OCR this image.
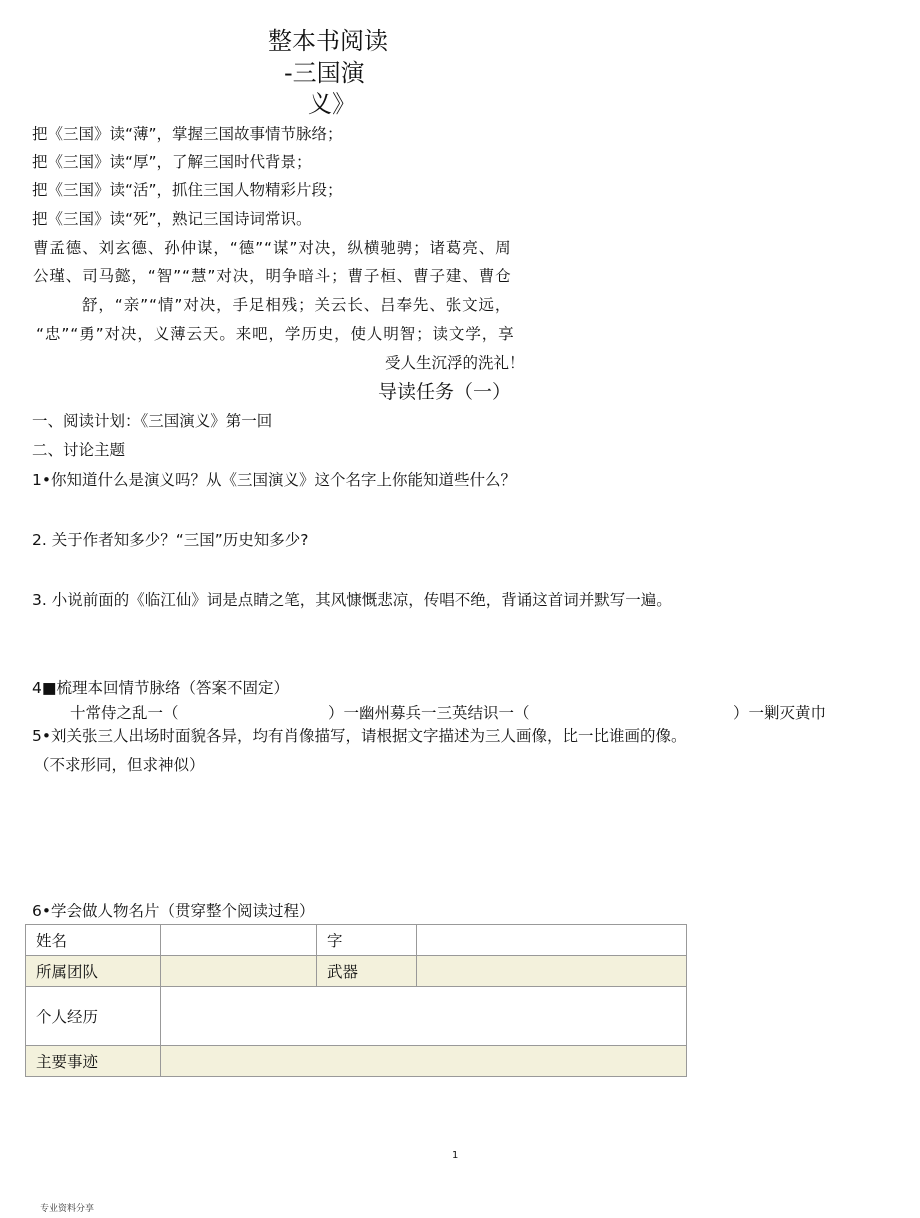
整本书阅读
-三国演
义》
把《三国》读“薄”，掌握三国故事情节脉络；
把《三国》读“厚”，了解三国时代背景；
把《三国》读“活”，抓住三国人物精彩片段；
把《三国》读“死”，熟记三国诗词常识。
曹孟德、刘玄德、孙仲谋，“德”“谋”对决，纵横驰骋；诸葛亮、周
公瑾、司马懿，“智”“慧”对决，明争暗斗；曹子桓、曹子建、曹仓
舒，“亲”“情”对决，手足相残；关云长、吕奉先、张文远，
“忠”“勇”对决，义薄云天。来吧，学历史，使人明智；读文学，享
受人生沉浮的洗礼！
导读任务（一）
一、阅读计划：《三国演义》第一回
二、讨论主题
1•你知道什么是演义吗？从《三国演义》这个名字上你能知道些什么？
2. 关于作者知多少？“三国”历史知多少?
3. 小说前面的《临江仙》词是点睛之笔，其风慷慨悲凉，传唱不绝，背诵这首词并默写一遍。
4■梳理本回情节脉络（答案不固定）
十常侍之乱一（	）一幽州募兵一三英结识一（	）一剿灭黄巾
5•刘关张三人出场时面貌各异，均有肖像描写，请根据文字描述为三人画像，比一比谁画的像。
（不求形同，但求神似）
6•学会做人物名片（贯穿整个阅读过程）
姓名		字	
所属团队		武器	
个人经历			
主要事迹			
1
专业资料分享
